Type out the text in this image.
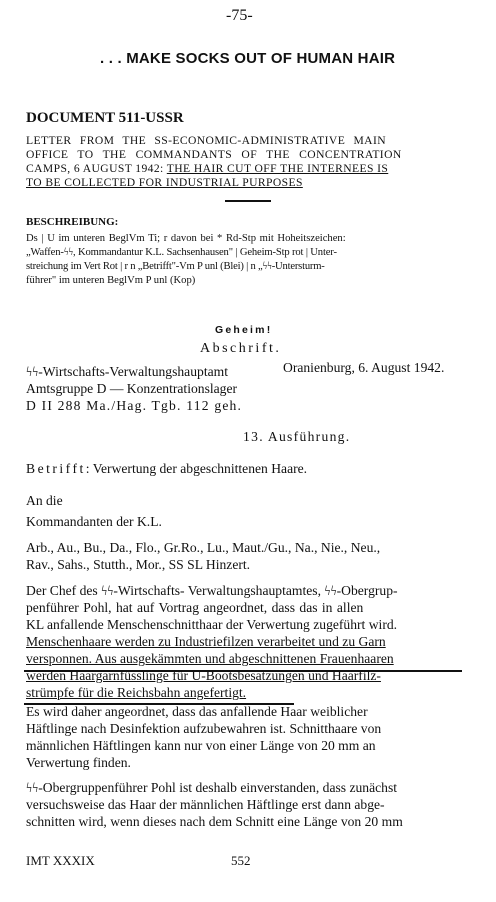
-75-
. . . MAKE SOCKS OUT OF HUMAN HAIR
DOCUMENT 511-USSR
LETTER FROM THE SS-ECONOMIC-ADMINISTRATIVE MAIN
OFFICE TO THE COMMANDANTS OF THE CONCENTRATION
CAMPS, 6 AUGUST 1942: THE HAIR CUT OFF THE INTERNEES IS
TO BE COLLECTED FOR INDUSTRIAL PURPOSES
BESCHREIBUNG:
Ds | U im unteren BeglVm Ti; r davon bei * Rd-Stp mit Hoheitszeichen:
„Waffen-ϟϟ, Kommandantur K.L. Sachsenhausen" | Geheim-Stp rot | Unter-
streichung im Vert Rot | r n „Betrifft"-Vm P unl (Blei) | n „ϟϟ-Untersturm-
führer" im unteren BeglVm P unl (Kop)
Geheim!
Abschrift.
ϟϟ-Wirtschafts-Verwaltungshauptamt	Oranienburg, 6. August 1942.
Amtsgruppe D — Konzentrationslager
D II 288 Ma./Hag. Tgb. 112 geh.
13. Ausführung.
Betrifft: Verwertung der abgeschnittenen Haare.
An die
Kommandanten der K.L.
Arb., Au., Bu., Da., Flo., Gr.Ro., Lu., Maut./Gu., Na., Nie., Neu.,
Rav., Sahs., Stutth., Mor., SS SL Hinzert.
Der Chef des ϟϟ-Wirtschafts- Verwaltungshauptamtes, ϟϟ-Obergrup-
penführer Pohl, hat auf Vortrag angeordnet, dass das in allen
KL anfallende Menschenschnitthaar der Verwertung zugeführt wird.
Menschenhaare werden zu Industriefilzen verarbeitet und zu Garn
versponnen. Aus ausgekämmten und abgeschnittenen Frauenhaaren
werden Haargarnfüsslinge für U-Bootsbesatzungen und Haarfilz-
strümpfe für die Reichsbahn angefertigt.
Es wird daher angeordnet, dass das anfallende Haar weiblicher
Häftlinge nach Desinfektion aufzubewahren ist. Schnitthaare von
männlichen Häftlingen kann nur von einer Länge von 20 mm an
Verwertung finden.
ϟϟ-Obergruppenführer Pohl ist deshalb einverstanden, dass zunächst
versuchsweise das Haar der männlichen Häftlinge erst dann abge-
schnitten wird, wenn dieses nach dem Schnitt eine Länge von 20 mm
IMT XXXIX	552
